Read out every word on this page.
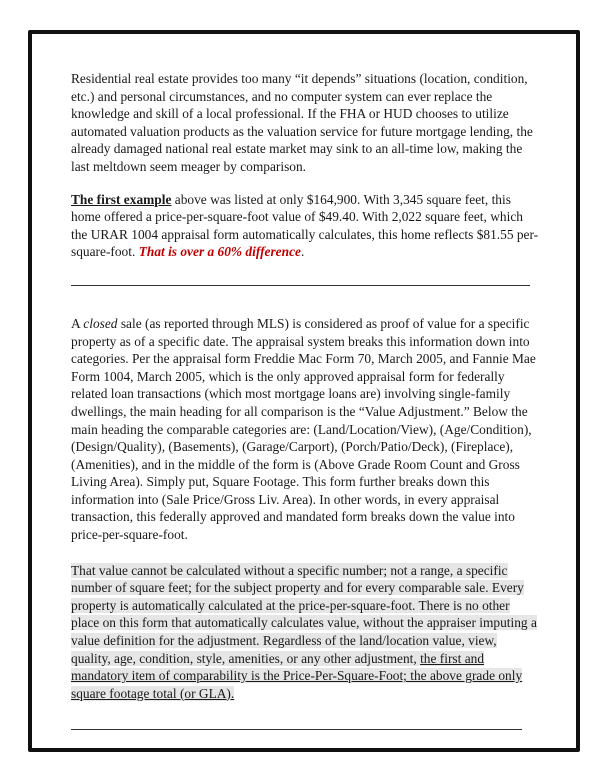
Residential real estate provides too many “it depends” situations (location, condition, etc.) and personal circumstances, and no computer system can ever replace the knowledge and skill of a local professional. If the FHA or HUD chooses to utilize automated valuation products as the valuation service for future mortgage lending, the already damaged national real estate market may sink to an all-time low, making the last meltdown seem meager by comparison.

The first example above was listed at only $164,900. With 3,345 square feet, this home offered a price-per-square-foot value of $49.40. With 2,022 square feet, which the URAR 1004 appraisal form automatically calculates, this home reflects $81.55 per-square-foot. That is over a 60% difference.

A closed sale (as reported through MLS) is considered as proof of value for a specific property as of a specific date. The appraisal system breaks this information down into categories. Per the appraisal form Freddie Mac Form 70, March 2005, and Fannie Mae Form 1004, March 2005, which is the only approved appraisal form for federally related loan transactions (which most mortgage loans are) involving single-family dwellings, the main heading for all comparison is the “Value Adjustment.” Below the main heading the comparable categories are: (Land/Location/View), (Age/Condition), (Design/Quality), (Basements), (Garage/Carport), (Porch/Patio/Deck), (Fireplace), (Amenities), and in the middle of the form is (Above Grade Room Count and Gross Living Area). Simply put, Square Footage. This form further breaks down this information into (Sale Price/Gross Liv. Area). In other words, in every appraisal transaction, this federally approved and mandated form breaks down the value into price-per-square-foot.

That value cannot be calculated without a specific number; not a range, a specific number of square feet; for the subject property and for every comparable sale. Every property is automatically calculated at the price-per-square-foot. There is no other place on this form that automatically calculates value, without the appraiser imputing a value definition for the adjustment. Regardless of the land/location value, view, quality, age, condition, style, amenities, or any other adjustment, the first and mandatory item of comparability is the Price-Per-Square-Foot; the above grade only square footage total (or GLA).
